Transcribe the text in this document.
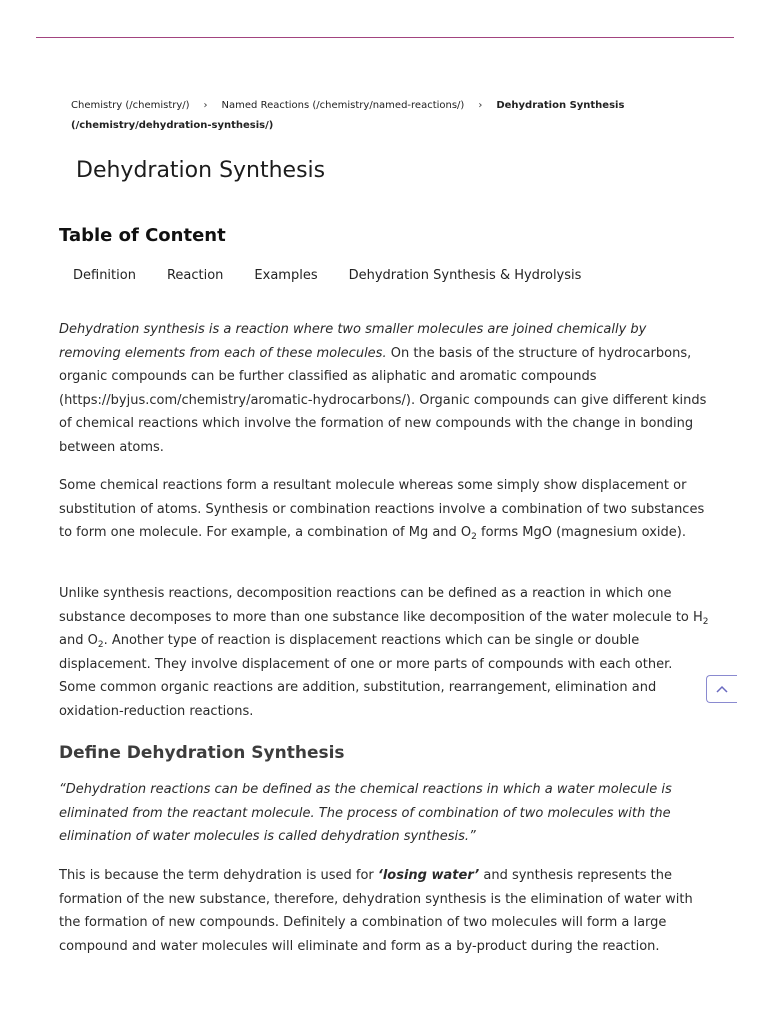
Chemistry (/chemistry/) › Named Reactions (/chemistry/named-reactions/) › Dehydration Synthesis (/chemistry/dehydration-synthesis/)
Dehydration Synthesis
Table of Content
Definition Reaction Examples Dehydration Synthesis & Hydrolysis

Dehydration synthesis is a reaction where two smaller molecules are joined chemically by removing elements from each of these molecules. On the basis of the structure of hydrocarbons, organic compounds can be further classified as aliphatic and aromatic compounds (https://byjus.com/chemistry/aromatic-hydrocarbons/). Organic compounds can give different kinds of chemical reactions which involve the formation of new compounds with the change in bonding between atoms.

Some chemical reactions form a resultant molecule whereas some simply show displacement or substitution of atoms. Synthesis or combination reactions involve a combination of two substances to form one molecule. For example, a combination of Mg and $O_2$ forms MgO (magnesium oxide).

Unlike synthesis reactions, decomposition reactions can be defined as a reaction in which one substance decomposes to more than one substance like decomposition of the water molecule to $H_2$ and $O_2$. Another type of reaction is displacement reactions which can be single or double displacement. They involve displacement of one or more parts of compounds with each other. Some common organic reactions are addition, substitution, rearrangement, elimination and oxidation-reduction reactions.

Define Dehydration Synthesis

“Dehydration reactions can be defined as the chemical reactions in which a water molecule is eliminated from the reactant molecule. The process of combination of two molecules with the elimination of water molecules is called dehydration synthesis.”

This is because the term dehydration is used for ‘losing water’ and synthesis represents the formation of the new substance, therefore, dehydration synthesis is the elimination of water with the formation of new compounds. Definitely a combination of two molecules will form a large compound and water molecules will eliminate and form as a by-product during the reaction.
